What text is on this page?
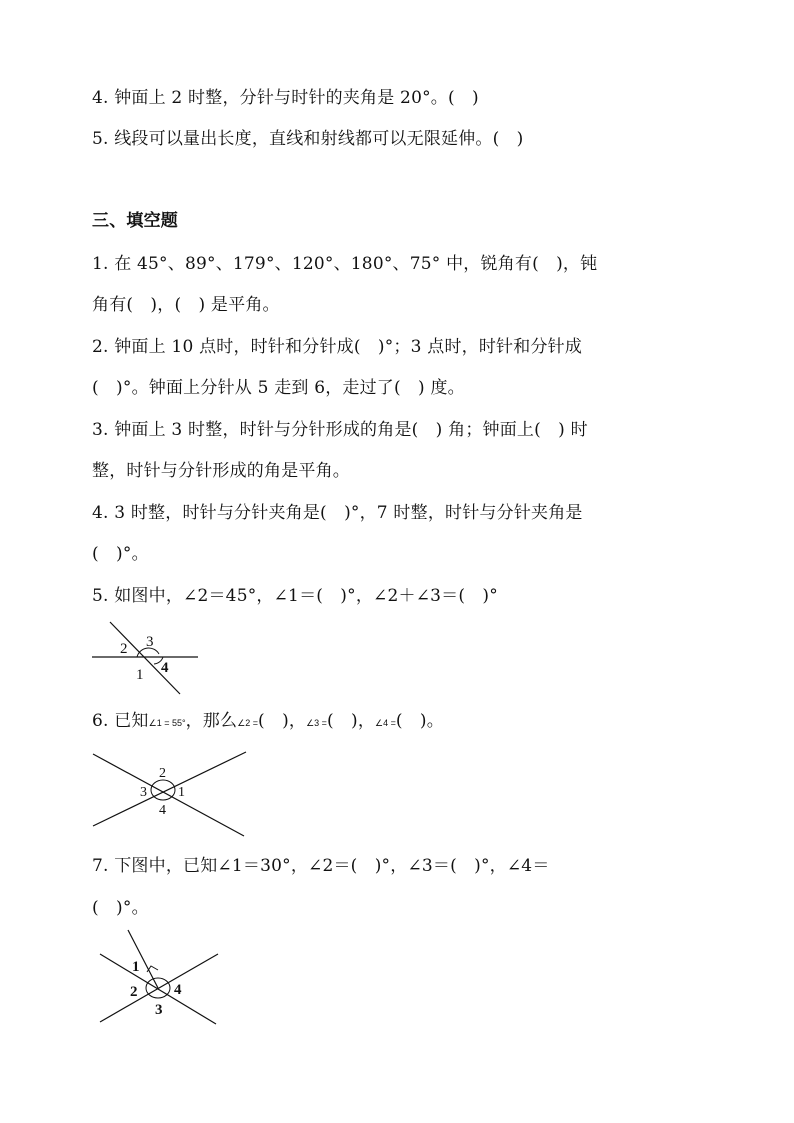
4. 钟面上 2 时整，分针与时针的夹角是 20°。(　)
5. 线段可以量出长度，直线和射线都可以无限延伸。(　)
三、填空题
1. 在 45°、89°、179°、120°、180°、75° 中，锐角有(　)，钝
角有(　)，(　) 是平角。
2. 钟面上 10 点时，时针和分针成(　)°；3 点时，时针和分针成
(　)°。钟面上分针从 5 走到 6，走过了(　) 度。
3. 钟面上 3 时整，时针与分针形成的角是(　) 角；钟面上(　) 时
整，时针与分针形成的角是平角。
4. 3 时整，时针与分针夹角是(　)°，7 时整，时针与分针夹角是
(　)°。
5. 如图中，∠2＝45°，∠1＝(　)°，∠2＋∠3＝(　)°
2 3
4
1
6. 已知∠1 = 55°，那么∠2 =(　)，∠3 =(　)，∠4 =(　)。
2
3 1
4
7. 下图中，已知∠1＝30°，∠2＝(　)°，∠3＝(　)°，∠4＝
(　)°。
1
2 4
3
